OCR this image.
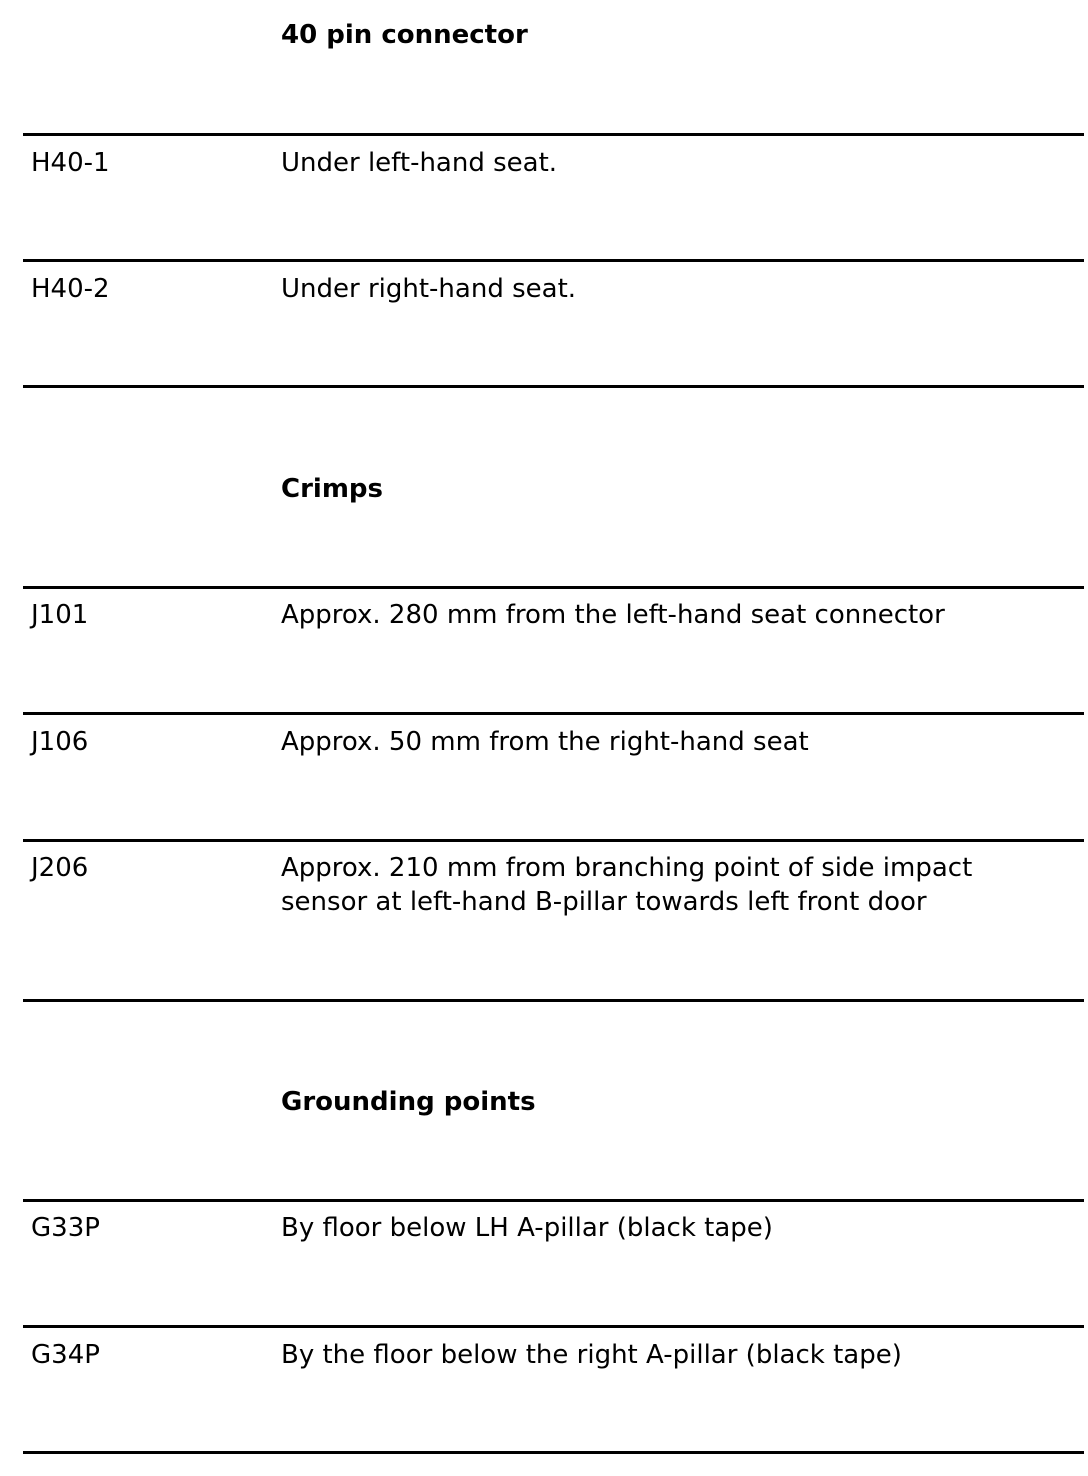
40 pin connector
H40-1	Under left-hand seat.
H40-2	Under right-hand seat.
Crimps
J101	Approx. 280 mm from the left-hand seat connector
J106	Approx. 50 mm from the right-hand seat
J206	Approx. 210 mm from branching point of side impact
sensor at left-hand B-pillar towards left front door
Grounding points
G33P	By floor below LH A-pillar (black tape)
G34P	By the floor below the right A-pillar (black tape)
